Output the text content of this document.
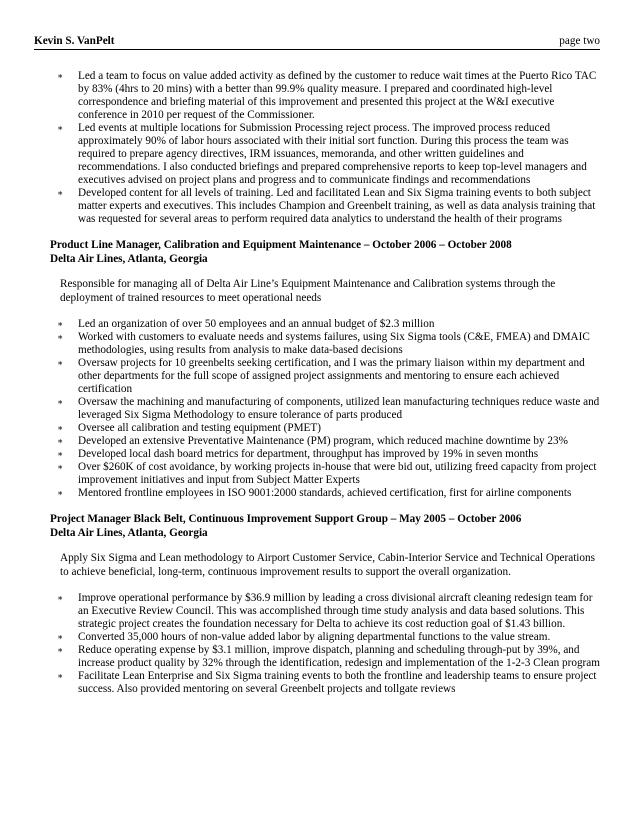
Kevin S. VanPelt	page two
∗ Led a team to focus on value added activity as defined by the customer to reduce wait times at the Puerto Rico TAC by 83% (4hrs to 20 mins) with a better than 99.9% quality measure. I prepared and coordinated high-level correspondence and briefing material of this improvement and presented this project at the W&I executive conference in 2010 per request of the Commissioner.
∗ Led events at multiple locations for Submission Processing reject process. The improved process reduced approximately 90% of labor hours associated with their initial sort function. During this process the team was required to prepare agency directives, IRM issuances, memoranda, and other written guidelines and recommendations. I also conducted briefings and prepared comprehensive reports to keep top-level managers and executives advised on project plans and progress and to communicate findings and recommendations
∗ Developed content for all levels of training. Led and facilitated Lean and Six Sigma training events to both subject matter experts and executives. This includes Champion and Greenbelt training, as well as data analysis training that was requested for several areas to perform required data analytics to understand the health of their programs
Product Line Manager, Calibration and Equipment Maintenance – October 2006 – October 2008
Delta Air Lines, Atlanta, Georgia

Responsible for managing all of Delta Air Line’s Equipment Maintenance and Calibration systems through the deployment of trained resources to meet operational needs

∗ Led an organization of over 50 employees and an annual budget of $2.3 million
∗ Worked with customers to evaluate needs and systems failures, using Six Sigma tools (C&E, FMEA) and DMAIC methodologies, using results from analysis to make data-based decisions
∗ Oversaw projects for 10 greenbelts seeking certification, and I was the primary liaison within my department and other departments for the full scope of assigned project assignments and mentoring to ensure each achieved certification
∗ Oversaw the machining and manufacturing of components, utilized lean manufacturing techniques reduce waste and leveraged Six Sigma Methodology to ensure tolerance of parts produced
∗ Oversee all calibration and testing equipment (PMET)
∗ Developed an extensive Preventative Maintenance (PM) program, which reduced machine downtime by 23%
∗ Developed local dash board metrics for department, throughput has improved by 19% in seven months
∗ Over $260K of cost avoidance, by working projects in-house that were bid out, utilizing freed capacity from project improvement initiatives and input from Subject Matter Experts
∗ Mentored frontline employees in ISO 9001:2000 standards, achieved certification, first for airline components
Project Manager Black Belt, Continuous Improvement Support Group – May 2005 – October 2006
Delta Air Lines, Atlanta, Georgia

Apply Six Sigma and Lean methodology to Airport Customer Service, Cabin-Interior Service and Technical Operations to achieve beneficial, long-term, continuous improvement results to support the overall organization.

∗ Improve operational performance by $36.9 million by leading a cross divisional aircraft cleaning redesign team for an Executive Review Council. This was accomplished through time study analysis and data based solutions. This strategic project creates the foundation necessary for Delta to achieve its cost reduction goal of $1.43 billion.
∗ Converted 35,000 hours of non-value added labor by aligning departmental functions to the value stream.
∗ Reduce operating expense by $3.1 million, improve dispatch, planning and scheduling through-put by 39%, and increase product quality by 32% through the identification, redesign and implementation of the 1-2-3 Clean program
∗ Facilitate Lean Enterprise and Six Sigma training events to both the frontline and leadership teams to ensure project success. Also provided mentoring on several Greenbelt projects and tollgate reviews
